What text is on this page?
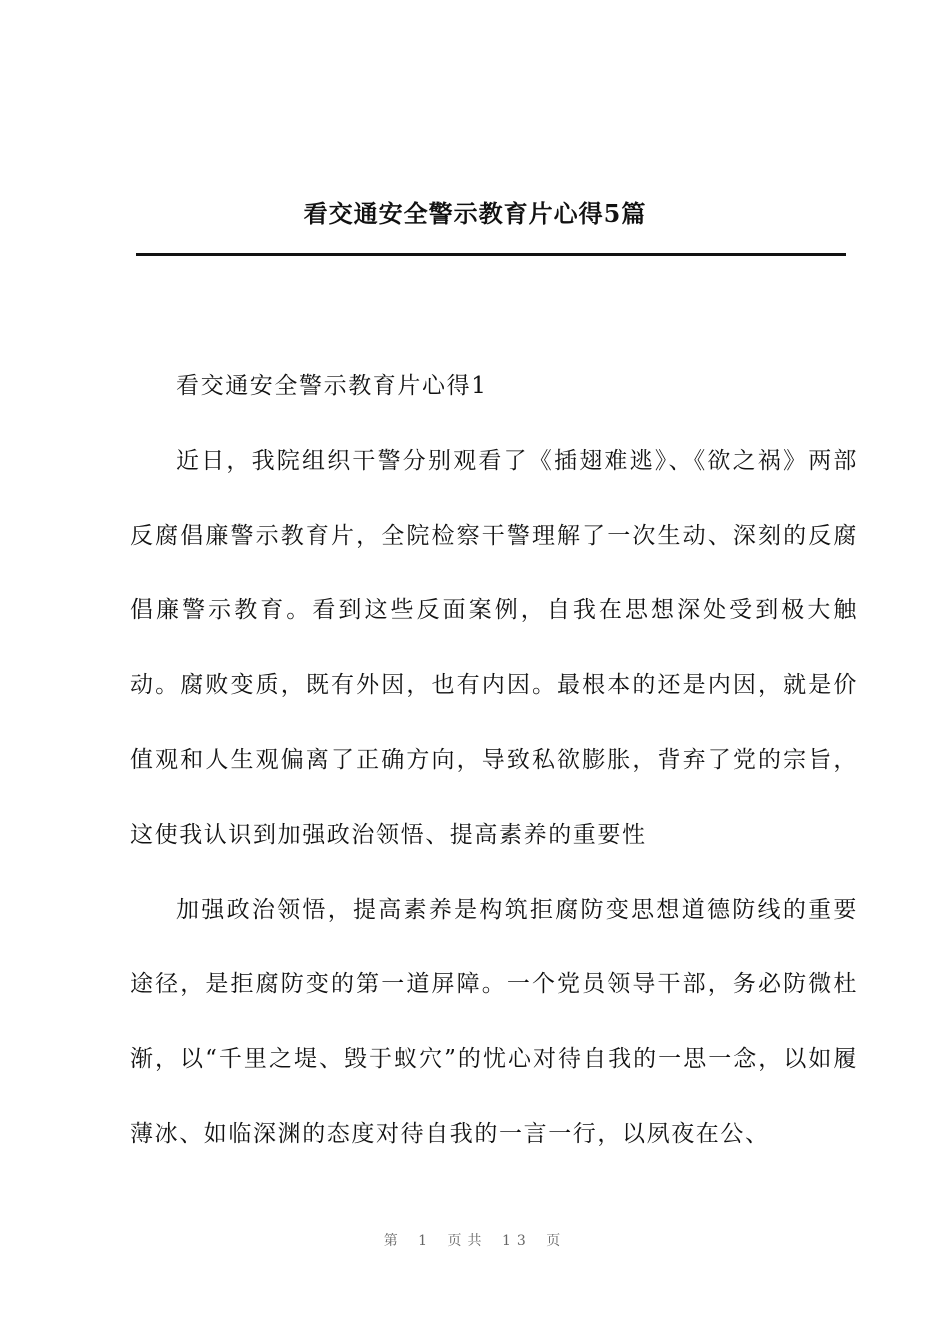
看交通安全警示教育片心得5篇

看交通安全警示教育片心得1

近日，我院组织干警分别观看了《插翅难逃》、《欲之祸》两部反腐倡廉警示教育片，全院检察干警理解了一次生动、深刻的反腐倡廉警示教育。看到这些反面案例，自我在思想深处受到极大触动。腐败变质，既有外因，也有内因。最根本的还是内因，就是价值观和人生观偏离了正确方向，导致私欲膨胀，背弃了党的宗旨，这使我认识到加强政治领悟、提高素养的重要性

加强政治领悟，提高素养是构筑拒腐防变思想道德防线的重要途径，是拒腐防变的第一道屏障。一个党员领导干部，务必防微杜渐，以“千里之堤、毁于蚁穴”的忧心对待自我的一思一念，以如履薄冰、如临深渊的态度对待自我的一言一行，以夙夜在公、

第 1 页共 13 页
